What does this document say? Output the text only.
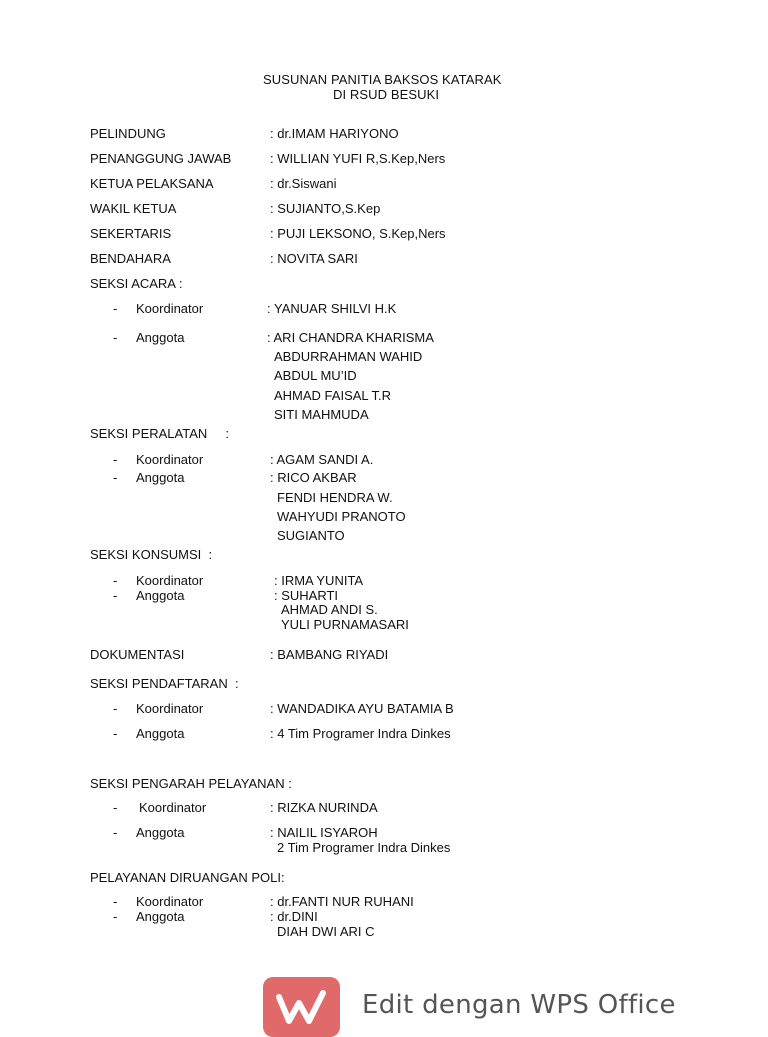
SUSUNAN PANITIA BAKSOS KATARAK
DI RSUD BESUKI
PELINDUNG	: dr.IMAM HARIYONO
PENANGGUNG JAWAB	: WILLIAN YUFI R,S.Kep,Ners
KETUA PELAKSANA	: dr.Siswani
WAKIL KETUA	: SUJIANTO,S.Kep
SEKERTARIS	: PUJI LEKSONO, S.Kep,Ners
BENDAHARA	: NOVITA SARI
SEKSI ACARA :
- Koordinator	: YANUAR SHILVI H.K
- Anggota	: ARI CHANDRA KHARISMA
ABDURRAHMAN WAHID
ABDUL MU’ID
AHMAD FAISAL T.R
SITI MAHMUDA
SEKSI PERALATAN     :
- Koordinator	: AGAM SANDI A.
- Anggota	: RICO AKBAR
FENDI HENDRA W.
WAHYUDI PRANOTO
SUGIANTO
SEKSI KONSUMSI  :
- Koordinator	: IRMA YUNITA
- Anggota	: SUHARTI
AHMAD ANDI S.
YULI PURNAMASARI
DOKUMENTASI	: BAMBANG RIYADI
SEKSI PENDAFTARAN  :
- Koordinator	: WANDADIKA AYU BATAMIA B
- Anggota	: 4 Tim Programer Indra Dinkes
SEKSI PENGARAH PELAYANAN :
- Koordinator	: RIZKA NURINDA
- Anggota	: NAILIL ISYAROH
2 Tim Programer Indra Dinkes
PELAYANAN DIRUANGAN POLI:
- Koordinator	: dr.FANTI NUR RUHANI
- Anggota	: dr.DINI
DIAH DWI ARI C
Edit dengan WPS Office
